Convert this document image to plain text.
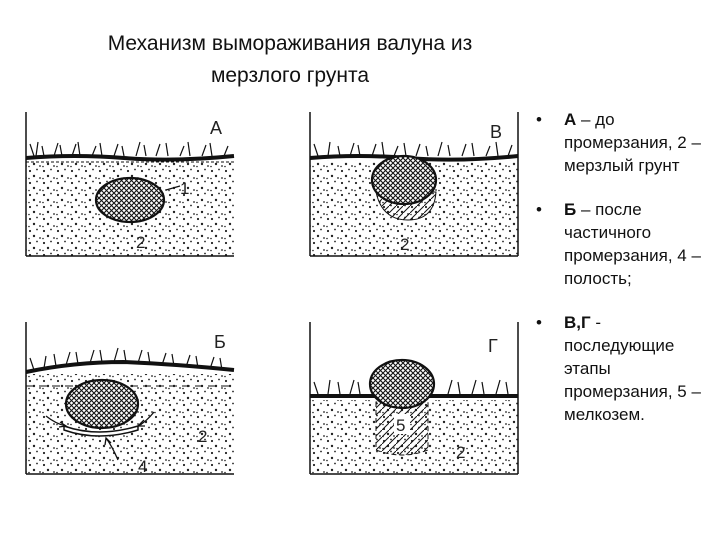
Механизм вымораживания валуна из
мерзлого грунта
1
2
А
2
В
4
2
Б
5
2
Г
• А – до промерзания, 2 – мерзлый грунт
• Б – после частичного промерзания, 4 – полость;
• В,Г - последующие этапы промерзания, 5 – мелкозем.
